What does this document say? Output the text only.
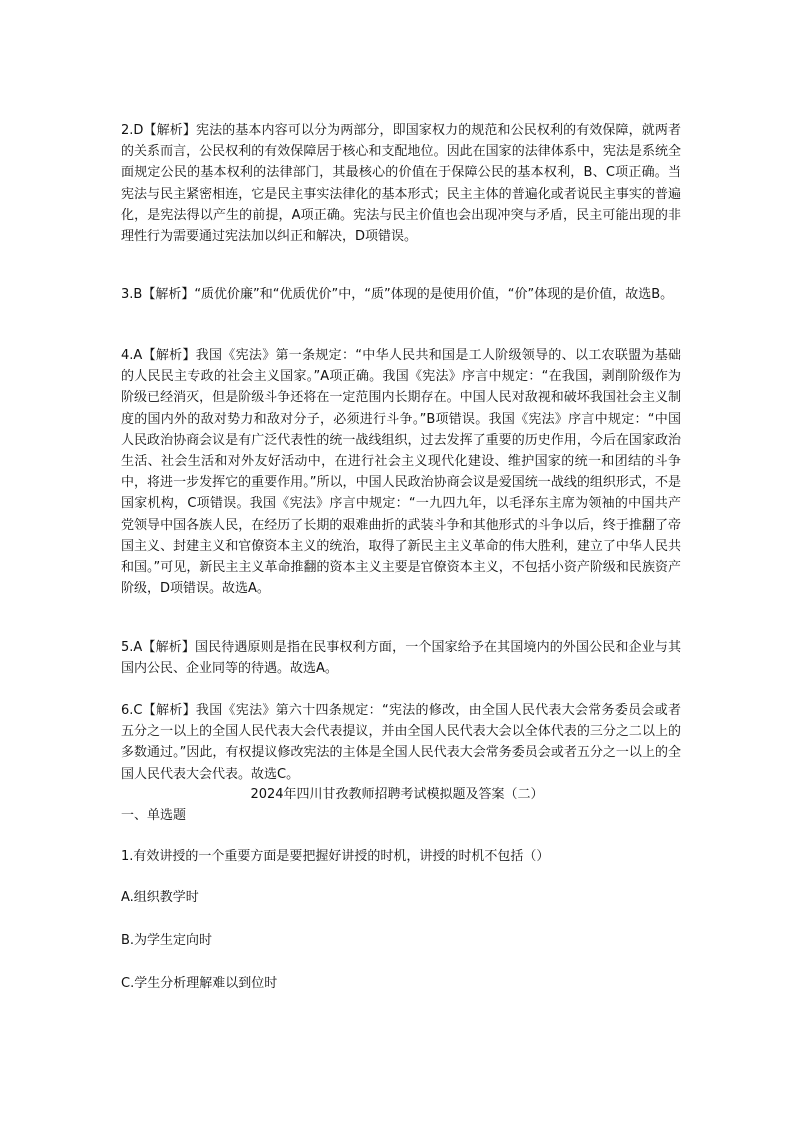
2.D【解析】宪法的基本内容可以分为两部分，即国家权力的规范和公民权利的有效保障，就两者的关系而言，公民权利的有效保障居于核心和支配地位。因此在国家的法律体系中，宪法是系统全面规定公民的基本权利的法律部门，其最核心的价值在于保障公民的基本权利，B、C项正确。当宪法与民主紧密相连，它是民主事实法律化的基本形式；民主主体的普遍化或者说民主事实的普遍化，是宪法得以产生的前提，A项正确。宪法与民主价值也会出现冲突与矛盾，民主可能出现的非理性行为需要通过宪法加以纠正和解决，D项错误。

3.B【解析】“质优价廉”和“优质优价”中，“质”体现的是使用价值，“价”体现的是价值，故选B。

4.A【解析】我国《宪法》第一条规定：“中华人民共和国是工人阶级领导的、以工农联盟为基础的人民民主专政的社会主义国家。”A项正确。我国《宪法》序言中规定：“在我国，剥削阶级作为阶级已经消灭，但是阶级斗争还将在一定范围内长期存在。中国人民对敌视和破坏我国社会主义制度的国内外的敌对势力和敌对分子，必须进行斗争。”B项错误。我国《宪法》序言中规定：“中国人民政治协商会议是有广泛代表性的统一战线组织，过去发挥了重要的历史作用，今后在国家政治生活、社会生活和对外友好活动中，在进行社会主义现代化建设、维护国家的统一和团结的斗争中，将进一步发挥它的重要作用。”所以，中国人民政治协商会议是爱国统一战线的组织形式，不是国家机构，C项错误。我国《宪法》序言中规定：“一九四九年，以毛泽东主席为领袖的中国共产党领导中国各族人民，在经历了长期的艰难曲折的武装斗争和其他形式的斗争以后，终于推翻了帝国主义、封建主义和官僚资本主义的统治，取得了新民主主义革命的伟大胜利，建立了中华人民共和国。”可见，新民主主义革命推翻的资本主义主要是官僚资本主义，不包括小资产阶级和民族资产阶级，D项错误。故选A。

5.A【解析】国民待遇原则是指在民事权利方面，一个国家给予在其国境内的外国公民和企业与其国内公民、企业同等的待遇。故选A。

6.C【解析】我国《宪法》第六十四条规定：“宪法的修改，由全国人民代表大会常务委员会或者五分之一以上的全国人民代表大会代表提议，并由全国人民代表大会以全体代表的三分之二以上的多数通过。”因此，有权提议修改宪法的主体是全国人民代表大会常务委员会或者五分之一以上的全国人民代表大会代表。故选C。

2024年四川甘孜教师招聘考试模拟题及答案（二）
一、单选题
1.有效讲授的一个重要方面是要把握好讲授的时机，讲授的时机不包括（）
A.组织教学时
B.为学生定向时
C.学生分析理解难以到位时
